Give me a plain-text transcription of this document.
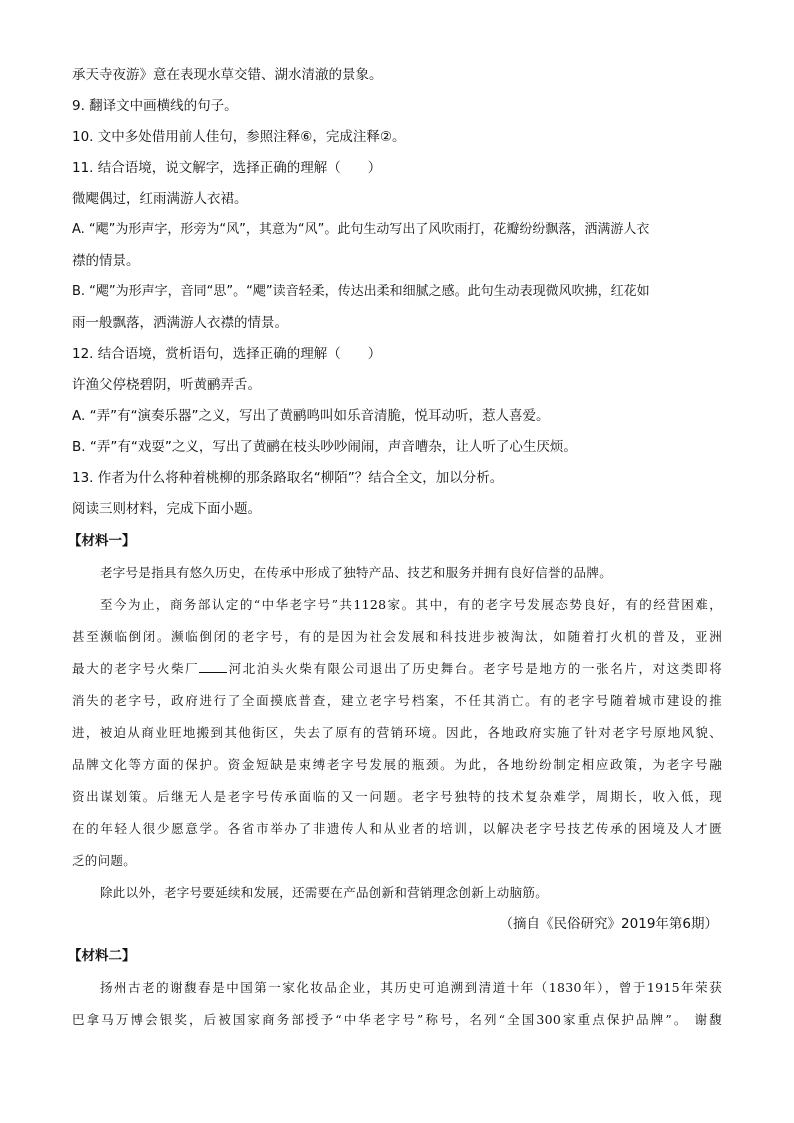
承天寺夜游》意在表现水草交错、湖水清澈的景象。
9. 翻译文中画横线的句子。
10. 文中多处借用前人佳句，参照注释⑥，完成注释②。
11. 结合语境，说文解字，选择正确的理解（　　）
微飔偶过，红雨满游人衣裙。
A. “飔”为形声字，形旁为“风”，其意为“风”。此句生动写出了风吹雨打，花瓣纷纷飘落，洒满游人衣
襟的情景。
B. “飔”为形声字，音同“思”。“飔”读音轻柔，传达出柔和细腻之感。此句生动表现微风吹拂，红花如
雨一般飘落，洒满游人衣襟的情景。
12. 结合语境，赏析语句，选择正确的理解（　　）
许渔父停桡碧阴，听黄鹂弄舌。
A. “弄”有“演奏乐器”之义，写出了黄鹂鸣叫如乐音清脆，悦耳动听，惹人喜爱。
B. “弄”有“戏耍”之义，写出了黄鹂在枝头吵吵闹闹，声音嘈杂，让人听了心生厌烦。
13. 作者为什么将种着桃柳的那条路取名“柳陌”？结合全文，加以分析。
阅读三则材料，完成下面小题。
【材料一】
老字号是指具有悠久历史，在传承中形成了独特产品、技艺和服务并拥有良好信誉的品牌。
至今为止，商务部认定的“中华老字号”共1128家。其中，有的老字号发展态势良好，有的经营困难，
甚至濒临倒闭。濒临倒闭的老字号，有的是因为社会发展和科技进步被淘汰，如随着打火机的普及，亚洲
最大的老字号火柴厂 河北泊头火柴有限公司退出了历史舞台。老字号是地方的一张名片，对这类即将
消失的老字号，政府进行了全面摸底普查，建立老字号档案，不任其消亡。有的老字号随着城市建设的推
进，被迫从商业旺地搬到其他街区，失去了原有的营销环境。因此，各地政府实施了针对老字号原地风貌、
品牌文化等方面的保护。资金短缺是束缚老字号发展的瓶颈。为此，各地纷纷制定相应政策，为老字号融
资出谋划策。后继无人是老字号传承面临的又一问题。老字号独特的技术复杂难学，周期长，收入低，现
在的年轻人很少愿意学。各省市举办了非遗传人和从业者的培训，以解决老字号技艺传承的困境及人才匮
乏的问题。
除此以外，老字号要延续和发展，还需要在产品创新和营销理念创新上动脑筋。
（摘自《民俗研究》2019年第6期）
【材料二】
扬州古老的谢馥春是中国第一家化妆品企业，其历史可追溯到清道十年（1830年），曾于1915年荣获
巴拿马万博会银奖，后被国家商务部授予“中华老字号”称号，名列“全国300家重点保护品牌”。 谢馥
